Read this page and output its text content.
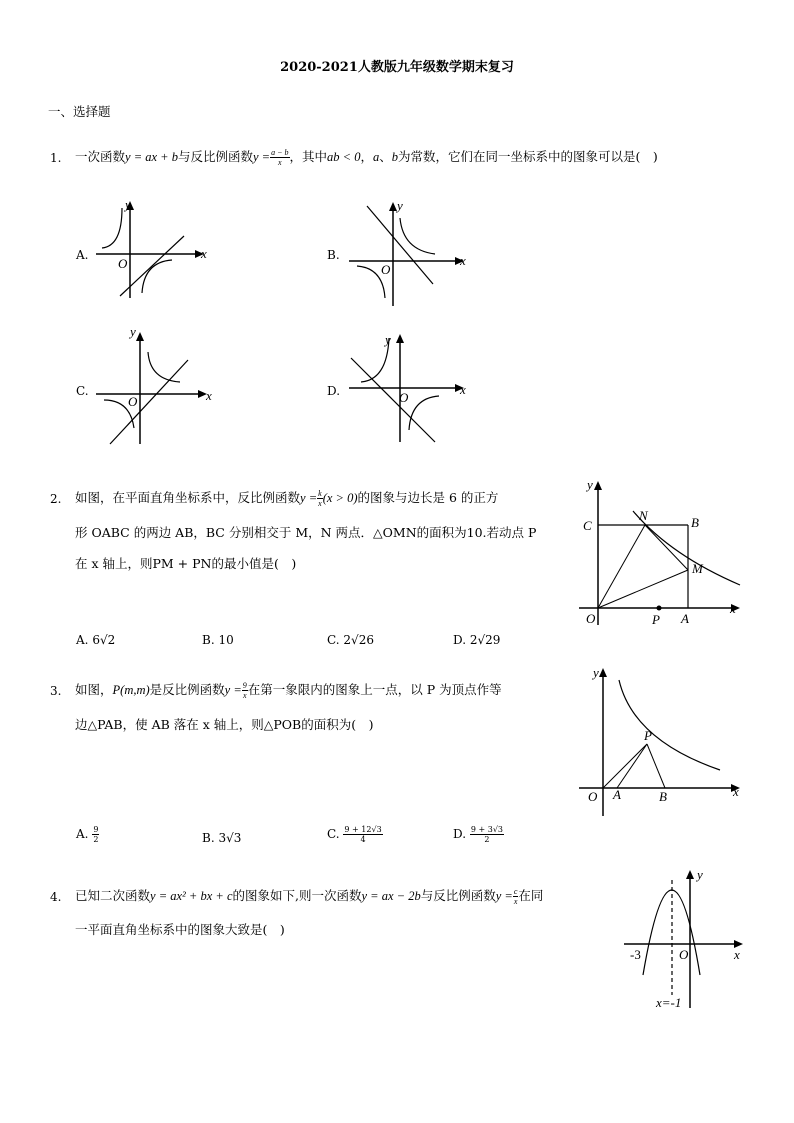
2020-2021人教版九年级数学期末复习
一、选择题
1. 一次函数y = ax + b与反比例函数$y = \frac{a - b}{x}$ ，其中ab < 0，a、b为常数，它们在同一坐标系中的图象可以是(　)
A.	x
y
O
B.	x
y
O
C.	x
y
O
D.	x
y
O
2. 如图，在平面直角坐标系中，反比例函数$y = \frac{k}{x} (x > 0)$的图象与边长是 6 的正方
形 OABC 的两边 AB，BC 分别相交于 M，N 两点．△OMN的面积为10.若动点 P
在 x 轴上，则PM + PN的最小值是(　)
A. 6√2	B. 10	C. 2√26	D. 2√29
y
x
C
N	B
M
O	P A
3. 如图，P(m,m)是反比例函数$y = \frac{9}{x}$ 在第一象限内的图象上一点，以 P 为顶点作等
边△PAB，使 AB 落在 x 轴上，则△POB的面积为(　)
A. $\frac{9}{2}$	B. 3√3	C. $\frac{9 + 12√3}{4}$	D. $\frac{9 + 3√3}{2}$
y
x
P
O A	B
4. 已知二次函数y = ax² + bx + c的图象如下,则一次函数y = ax − 2b与反比例函数$y = \frac{c}{x}$ 在同
一平面直角坐标系中的图象大致是(　)
y
x
-3	O
x=-1
